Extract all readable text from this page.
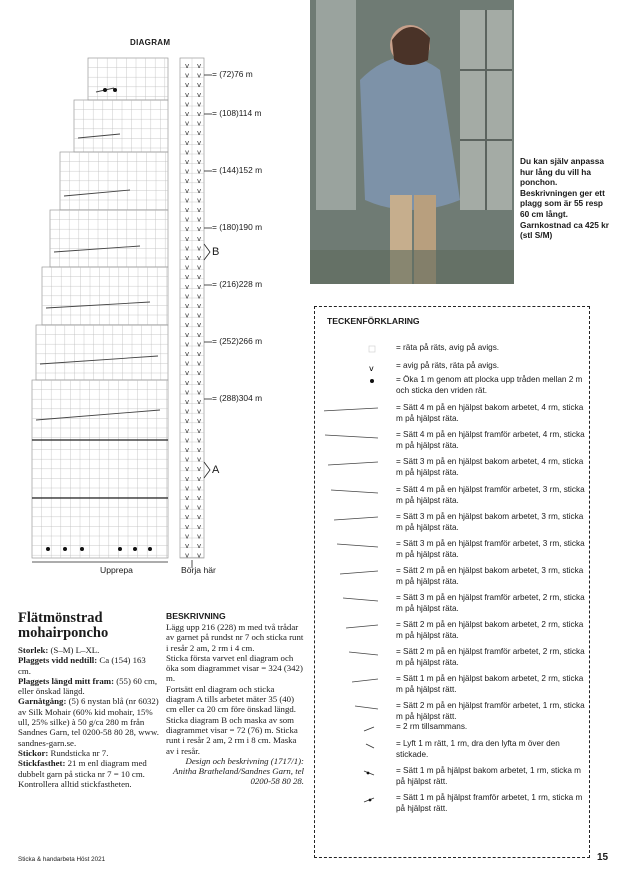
DIAGRAM
v v
v v
v v
v v
v v
v v
v v
v v
v v
v v
v v
v v
v v
v v
v v
v v
v v
v v
v v
v v
v v
v v
v v
v v
v v
v v
v v
v v
v v
v v
v v
v v
v v
v v
v v
v v
v v
v v
v v
v v
v v
v v
v v
v v
v v
v v
v v
v v
v v
v v
v v
v v
= (72)76 m
= (108)114 m
= (144)152 m
= (180)190 m
= (216)228 m
= (252)266 m
= (288)304 m
B
A
Upprepa	Börja här
Du kan själv anpassa hur lång du vill ha ponchon. Beskrivningen ger ett plagg som är 55 resp 60 cm långt. Garnkostnad ca 425 kr (stl S/M)
TECKENFÖRKLARING
= räta på räts, avig på avigs.
v	= avig på räts, räta på avigs.
= Öka 1 m genom att plocka upp tråden mellan 2 m och sticka den vriden rät.
= Sätt 4 m på en hjälpst bakom arbetet, 4 rm, sticka m på hjälpst räta.
= Sätt 4 m på en hjälpst framför arbetet, 4 rm, sticka m på hjälpst räta.
= Sätt 3 m på en hjälpst bakom arbetet, 4 rm, sticka m på hjälpst räta.
= Sätt 4 m på en hjälpst framför arbetet, 3 rm, sticka m på hjälpst räta.
= Sätt 3 m på en hjälpst bakom arbetet, 3 rm, sticka m på hjälpst räta.
= Sätt 3 m på en hjälpst framför arbetet, 3 rm, sticka m på hjälpst räta.
= Sätt 2 m på en hjälpst bakom arbetet, 3 rm, sticka m på hjälpst räta.
= Sätt 3 m på en hjälpst framför arbetet, 2 rm, sticka m på hjälpst räta.
= Sätt 2 m på en hjälpst bakom arbetet, 2 rm, sticka m på hjälpst räta.
= Sätt 2 m på en hjälpst framför arbetet, 2 rm, sticka m på hjälpst räta.
= Sätt 1 m på en hjälpst bakom arbetet, 2 rm, sticka m på hjälpst rätt.
= Sätt 2 m på en hjälpst framför arbetet, 1 rm, sticka m på hjälpst rätt.
= 2 rm tillsammans.
= Lyft 1 m rätt, 1 rm, dra den lyfta m över den stickade.
= Sätt 1 m på hjälpst bakom arbetet, 1 rm, sticka m på hjälpst rätt.
= Sätt 1 m på hjälpst framför arbetet, 1 rm, sticka m på hjälpst rätt.
Flätmönstrad
mohairponcho
Storlek: (S–M) L–XL.
Plaggets vidd nedtill: Ca (154) 163 cm.
Plaggets längd mitt fram: (55) 60 cm, eller önskad längd.
Garnåtgång: (5) 6 nystan blå (nr 6032) av Silk Mohair (60% kid mohair, 15% ull, 25% silke) à 50 g/ca 280 m från Sandnes Garn, tel 0200-58 80 28, www. sandnes-garn.se.
Stickor: Rundsticka nr 7.
Stickfasthet: 21 m enl diagram med dubbelt garn på sticka nr 7 = 10 cm. Kontrollera alltid stickfastheten.
BESKRIVNING
Lägg upp 216 (228) m med två trådar av garnet på rundst nr 7 och sticka runt i resår 2 am, 2 rm i 4 cm.
Sticka första varvet enl diagram och öka som diagrammet visar = 324 (342) m.
Fortsätt enl diagram och sticka diagram A tills arbetet mäter 35 (40) cm eller ca 20 cm före önskad längd.
Sticka diagram B och maska av som diagrammet visar = 72 (76) m. Sticka runt i resår 2 am, 2 rm i 8 cm. Maska av i resår.
Design och beskrivning (1717/1): Anitha Bratheland/Sandnes Garn, tel 0200-58 80 28.
Sticka & handarbeta Höst 2021	15
